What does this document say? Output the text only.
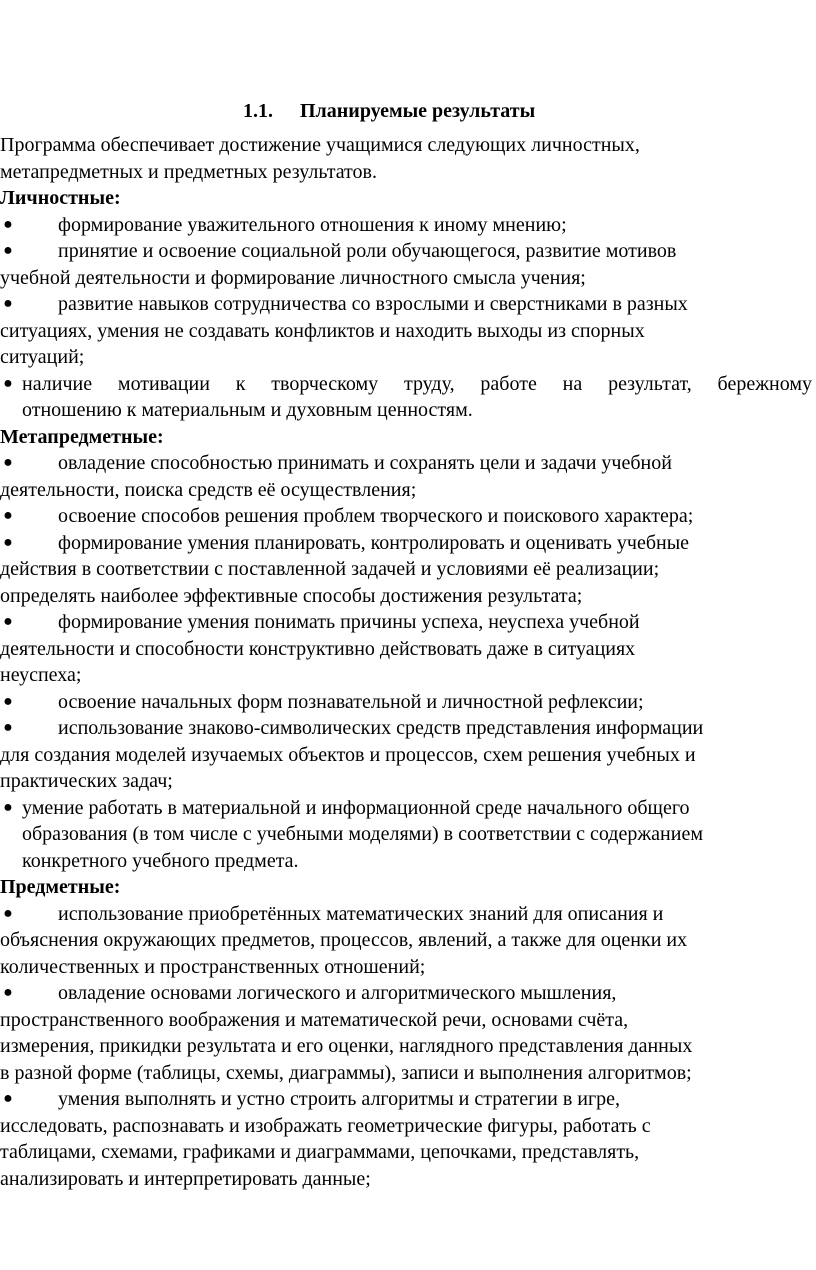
1.1. Планируемые результаты
Программа обеспечивает достижение учащимися следующих личностных,
метапредметных и предметных результатов.
Личностные:
● формирование уважительного отношения к иному мнению;
● принятие и освоение социальной роли обучающегося, развитие мотивов
учебной деятельности и формирование личностного смысла учения;
● развитие навыков сотрудничества со взрослыми и сверстниками в разных
ситуациях, умения не создавать конфликтов и находить выходы из спорных
ситуаций;
● наличие мотивации к творческому труду, работе на результат, бережному
отношению к материальным и духовным ценностям.
Метапредметные:
● овладение способностью принимать и сохранять цели и задачи учебной
деятельности, поиска средств её осуществления;
● освоение способов решения проблем творческого и поискового характера;
● формирование умения планировать, контролировать и оценивать учебные
действия в соответствии с поставленной задачей и условиями её реализации;
определять наиболее эффективные способы достижения результата;
● формирование умения понимать причины успеха, неуспеха учебной
деятельности и способности конструктивно действовать даже в ситуациях
неуспеха;
● освоение начальных форм познавательной и личностной рефлексии;
● использование знаково-символических средств представления информации
для создания моделей изучаемых объектов и процессов, схем решения учебных и
практических задач;
● умение работать в материальной и информационной среде начального общего
образования (в том числе с учебными моделями) в соответствии с содержанием
конкретного учебного предмета.
Предметные:
● использование приобретённых математических знаний для описания и
объяснения окружающих предметов, процессов, явлений, а также для оценки их
количественных и пространственных отношений;
● овладение основами логического и алгоритмического мышления,
пространственного воображения и математической речи, основами счёта,
измерения, прикидки результата и его оценки, наглядного представления данных
в разной форме (таблицы, схемы, диаграммы), записи и выполнения алгоритмов;
● умения выполнять и устно строить алгоритмы и стратегии в игре,
исследовать, распознавать и изображать геометрические фигуры, работать с
таблицами, схемами, графиками и диаграммами, цепочками, представлять,
анализировать и интерпретировать данные;
